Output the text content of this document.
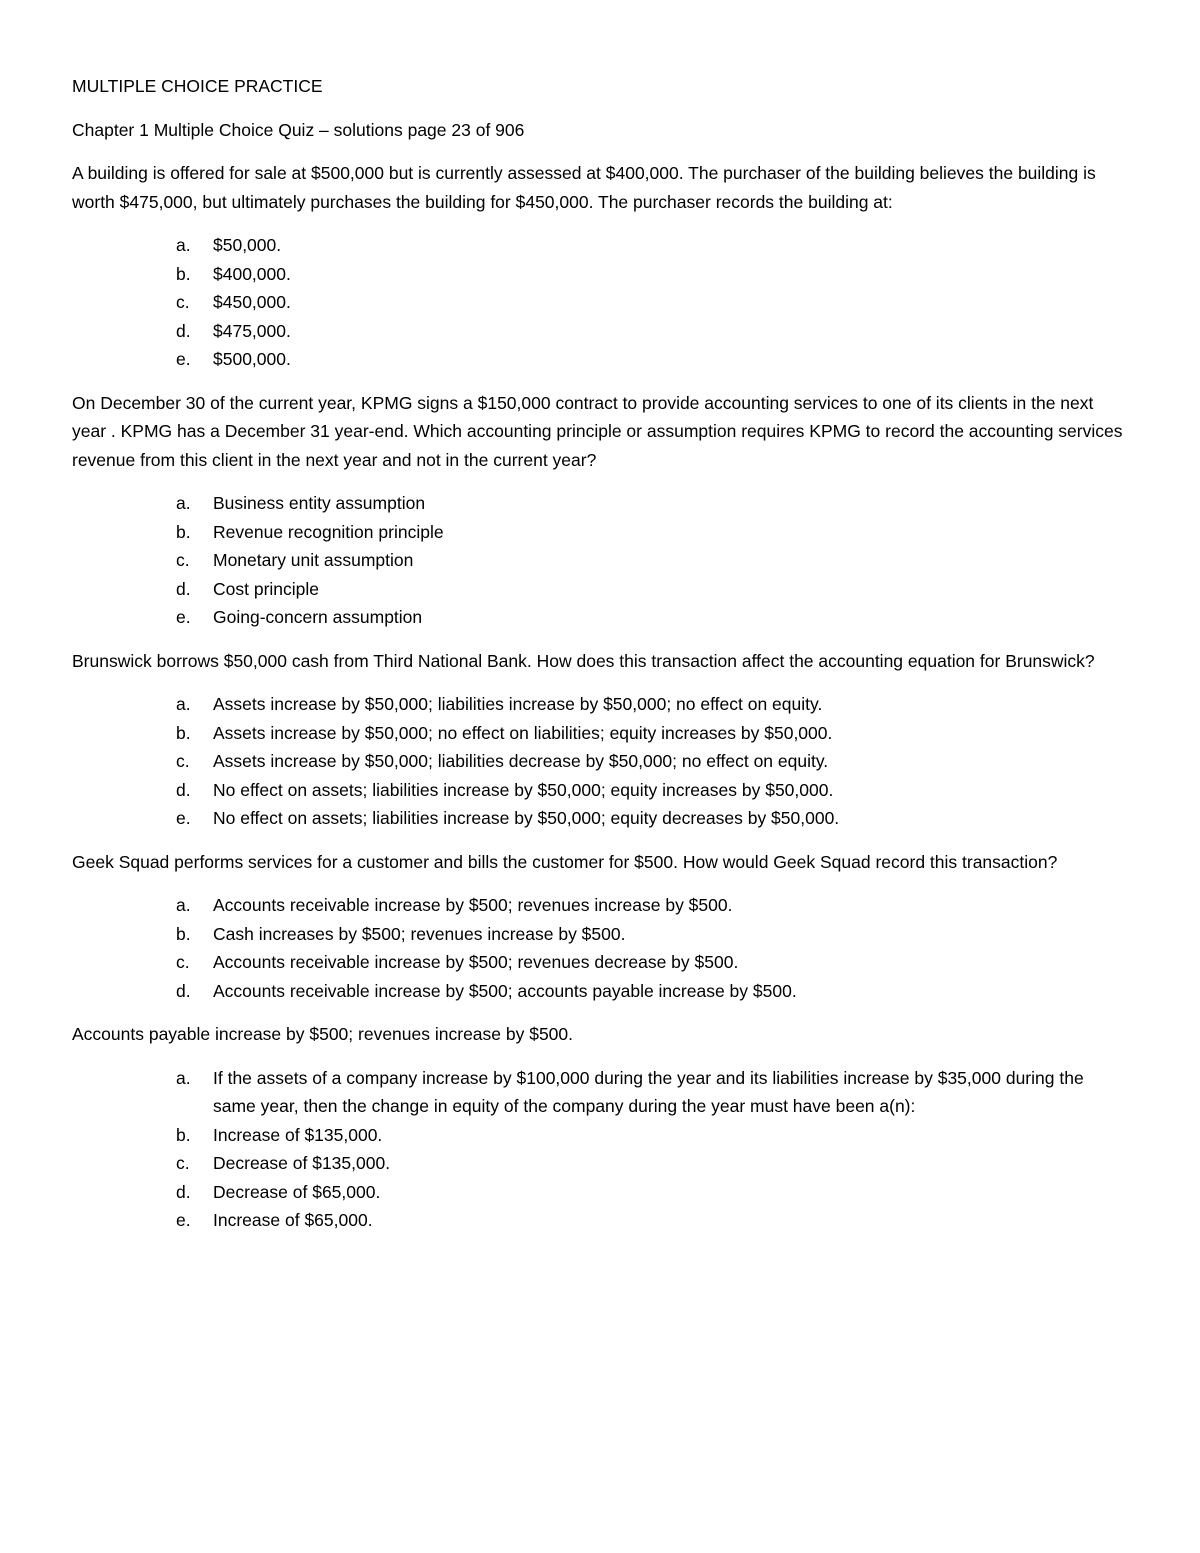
MULTIPLE CHOICE PRACTICE
Chapter 1 Multiple Choice Quiz – solutions page 23 of 906
A building is offered for sale at $500,000 but is currently assessed at $400,000. The purchaser of the building believes the building is worth $475,000, but ultimately purchases the building for $450,000. The purchaser records the building at:
a.	$50,000.
b.	$400,000.
c.	$450,000.
d.	$475,000.
e.	$500,000.
On December 30 of the current year, KPMG signs a $150,000 contract to provide accounting services to one of its clients in the next year . KPMG has a December 31 year-end. Which accounting principle or assumption requires KPMG to record the accounting services revenue from this client in the next year and not in the current year?
a.	Business entity assumption
b.	Revenue recognition principle
c.	Monetary unit assumption
d.	Cost principle
e.	Going-concern assumption
Brunswick borrows $50,000 cash from Third National Bank. How does this transaction affect the accounting equation for Brunswick?
a.	Assets increase by $50,000; liabilities increase by $50,000; no effect on equity.
b.	Assets increase by $50,000; no effect on liabilities; equity increases by $50,000.
c.	Assets increase by $50,000; liabilities decrease by $50,000; no effect on equity.
d.	No effect on assets; liabilities increase by $50,000; equity increases by $50,000.
e.	No effect on assets; liabilities increase by $50,000; equity decreases by $50,000.
Geek Squad performs services for a customer and bills the customer for $500. How would Geek Squad record this transaction?
a.	Accounts receivable increase by $500; revenues increase by $500.
b.	Cash increases by $500; revenues increase by $500.
c.	Accounts receivable increase by $500; revenues decrease by $500.
d.	Accounts receivable increase by $500; accounts payable increase by $500.
Accounts payable increase by $500; revenues increase by $500.
a.	If the assets of a company increase by $100,000 during the year and its liabilities increase by $35,000 during the same year, then the change in equity of the company during the year must have been a(n):
b.	Increase of $135,000.
c.	Decrease of $135,000.
d.	Decrease of $65,000.
e.	Increase of $65,000.
